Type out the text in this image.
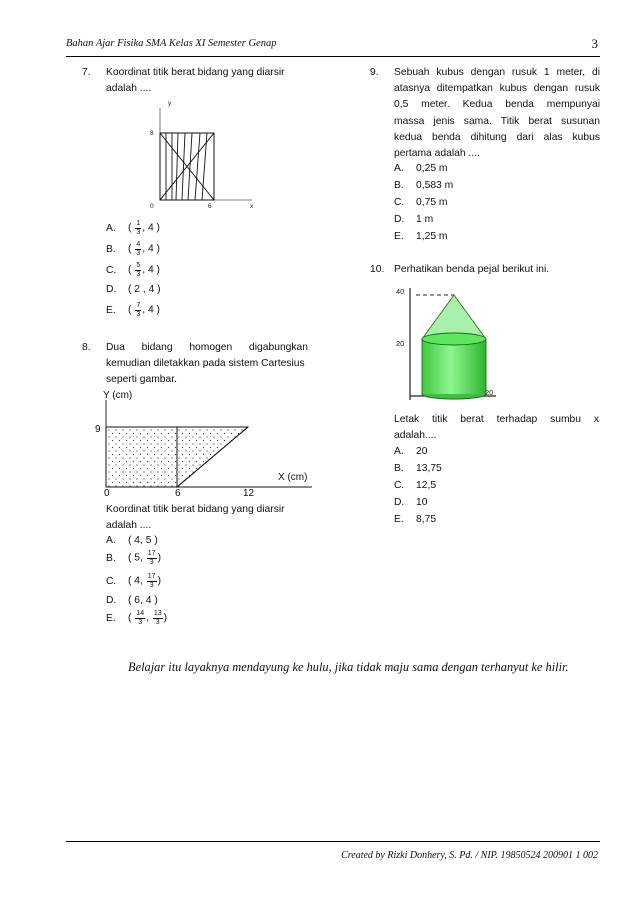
Bahan Ajar Fisika SMA Kelas XI Semester Genap	3
7. Koordinat titik berat bidang yang diarsir adalah ....
y
8
0	6	x
A. ( $\frac{1}{3}$ , 4 )
B. ( $\frac{4}{3}$ , 4 )
C. ( $\frac{5}{3}$ , 4 )
D. ( 2 , 4 )
E. ( $\frac{7}{3}$ , 4 )
8. Dua bidang homogen digabungkan
kemudian diletakkan pada sistem Cartesius
seperti gambar.
Y (cm)
9
X (cm)
0	6	12
Koordinat titik berat bidang yang diarsir
adalah ....
A. ( 4, 5 )
B. ( 5, $\frac{17}{3}$ )
C. ( 4, $\frac{17}{3}$ )
D. ( 6, 4 )
E. ( $\frac{14}{3}$ , $\frac{13}{3}$ )
9. Sebuah kubus dengan rusuk 1 meter, di
atasnya ditempatkan kubus dengan rusuk
0,5 meter. Kedua benda mempunyai
massa jenis sama. Titik berat susunan
kedua benda dihitung dari alas kubus
pertama adalah ....
A. 0,25 m
B. 0,583 m
C. 0,75 m
D. 1 m
E. 1,25 m
10. Perhatikan benda pejal berikut ini.
40
20
20
Letak titik berat terhadap sumbu x
adalah....
A. 20
B. 13,75
C. 12,5
D. 10
E. 8,75
Belajar itu layaknya mendayung ke hulu, jika tidak maju sama dengan terhanyut ke hilir.
Created by Rizki Donhery, S. Pd. / NIP. 19850524 200901 1 002
